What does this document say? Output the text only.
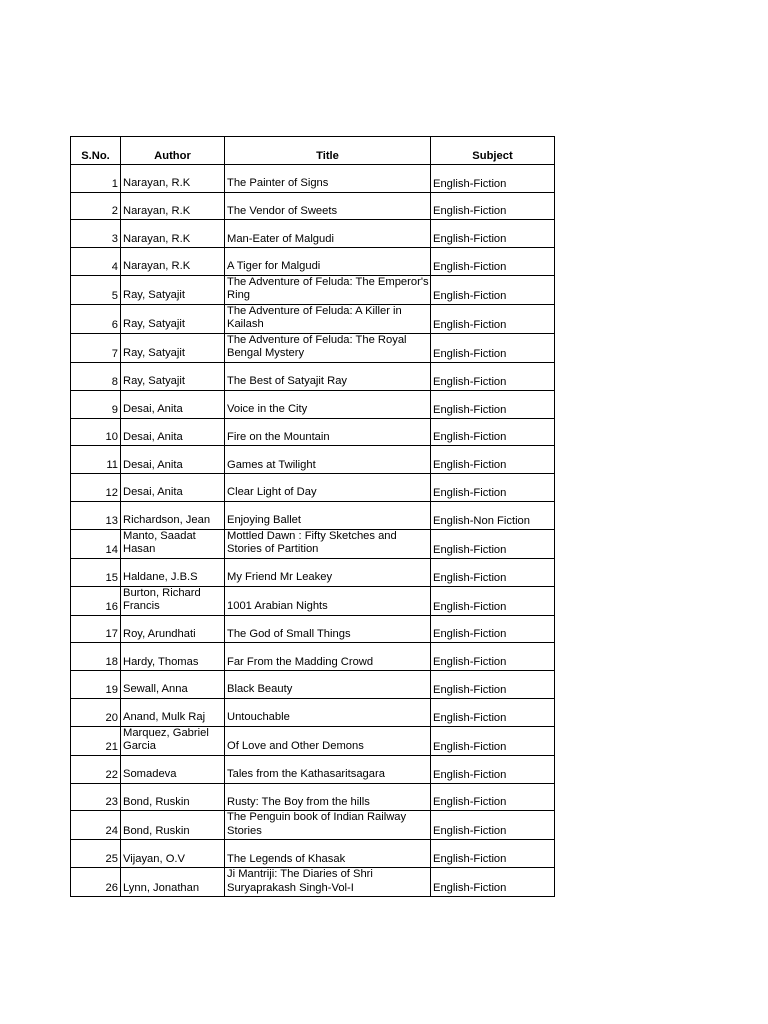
S.No.	Author	Title	Subject
1	Narayan, R.K	The Painter of Signs	English-Fiction
2	Narayan, R.K	The Vendor of Sweets	English-Fiction
3	Narayan, R.K	Man-Eater of Malgudi	English-Fiction
4	Narayan, R.K	A Tiger for Malgudi	English-Fiction
5	Ray, Satyajit	The Adventure of Feluda: The Emperor's Ring	English-Fiction
6	Ray, Satyajit	The Adventure of Feluda: A Killer in Kailash	English-Fiction
7	Ray, Satyajit	The Adventure of Feluda: The Royal Bengal Mystery	English-Fiction
8	Ray, Satyajit	The Best of Satyajit Ray	English-Fiction
9	Desai, Anita	Voice in the City	English-Fiction
10	Desai, Anita	Fire on the Mountain	English-Fiction
11	Desai, Anita	Games at Twilight	English-Fiction
12	Desai, Anita	Clear Light of Day	English-Fiction
13	Richardson, Jean	Enjoying Ballet	English-Non Fiction
14	Manto, Saadat Hasan	Mottled Dawn : Fifty Sketches and Stories of Partition	English-Fiction
15	Haldane, J.B.S	My Friend Mr Leakey	English-Fiction
16	Burton, Richard Francis	1001 Arabian Nights	English-Fiction
17	Roy, Arundhati	The God of Small Things	English-Fiction
18	Hardy, Thomas	Far From the Madding Crowd	English-Fiction
19	Sewall, Anna	Black Beauty	English-Fiction
20	Anand, Mulk Raj	Untouchable	English-Fiction
21	Marquez, Gabriel Garcia	Of Love and Other Demons	English-Fiction
22	Somadeva	Tales from the Kathasaritsagara	English-Fiction
23	Bond, Ruskin	Rusty: The Boy from the hills	English-Fiction
24	Bond, Ruskin	The Penguin book of Indian Railway Stories	English-Fiction
25	Vijayan, O.V	The Legends of Khasak	English-Fiction
26	Lynn, Jonathan	Ji Mantriji: The Diaries of Shri Suryaprakash Singh-Vol-I	English-Fiction
